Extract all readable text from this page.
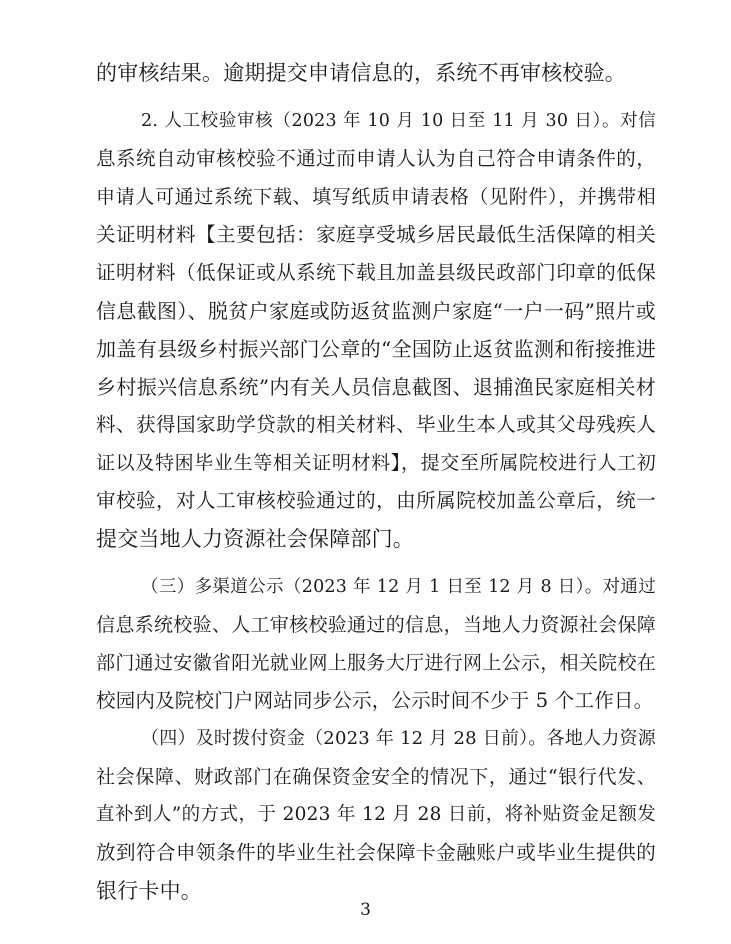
的审核结果。逾期提交申请信息的，系统不再审核校验。
2. 人工校验审核（2023 年 10 月 10 日至 11 月 30 日）。对信
息系统自动审核校验不通过而申请人认为自己符合申请条件的，
申请人可通过系统下载、填写纸质申请表格（见附件），并携带相
关证明材料【主要包括：家庭享受城乡居民最低生活保障的相关
证明材料（低保证或从系统下载且加盖县级民政部门印章的低保
信息截图）、脱贫户家庭或防返贫监测户家庭“一户一码”照片或
加盖有县级乡村振兴部门公章的“全国防止返贫监测和衔接推进
乡村振兴信息系统”内有关人员信息截图、退捕渔民家庭相关材
料、获得国家助学贷款的相关材料、毕业生本人或其父母残疾人
证以及特困毕业生等相关证明材料】，提交至所属院校进行人工初
审校验，对人工审核校验通过的，由所属院校加盖公章后，统一
提交当地人力资源社会保障部门。
（三）多渠道公示（2023 年 12 月 1 日至 12 月 8 日）。对通过
信息系统校验、人工审核校验通过的信息，当地人力资源社会保障
部门通过安徽省阳光就业网上服务大厅进行网上公示，相关院校在
校园内及院校门户网站同步公示，公示时间不少于 5 个工作日。
（四）及时拨付资金（2023 年 12 月 28 日前）。各地人力资源
社会保障、财政部门在确保资金安全的情况下，通过“银行代发、
直补到人”的方式，于 2023 年 12 月 28 日前，将补贴资金足额发
放到符合申领条件的毕业生社会保障卡金融账户或毕业生提供的
银行卡中。
3
